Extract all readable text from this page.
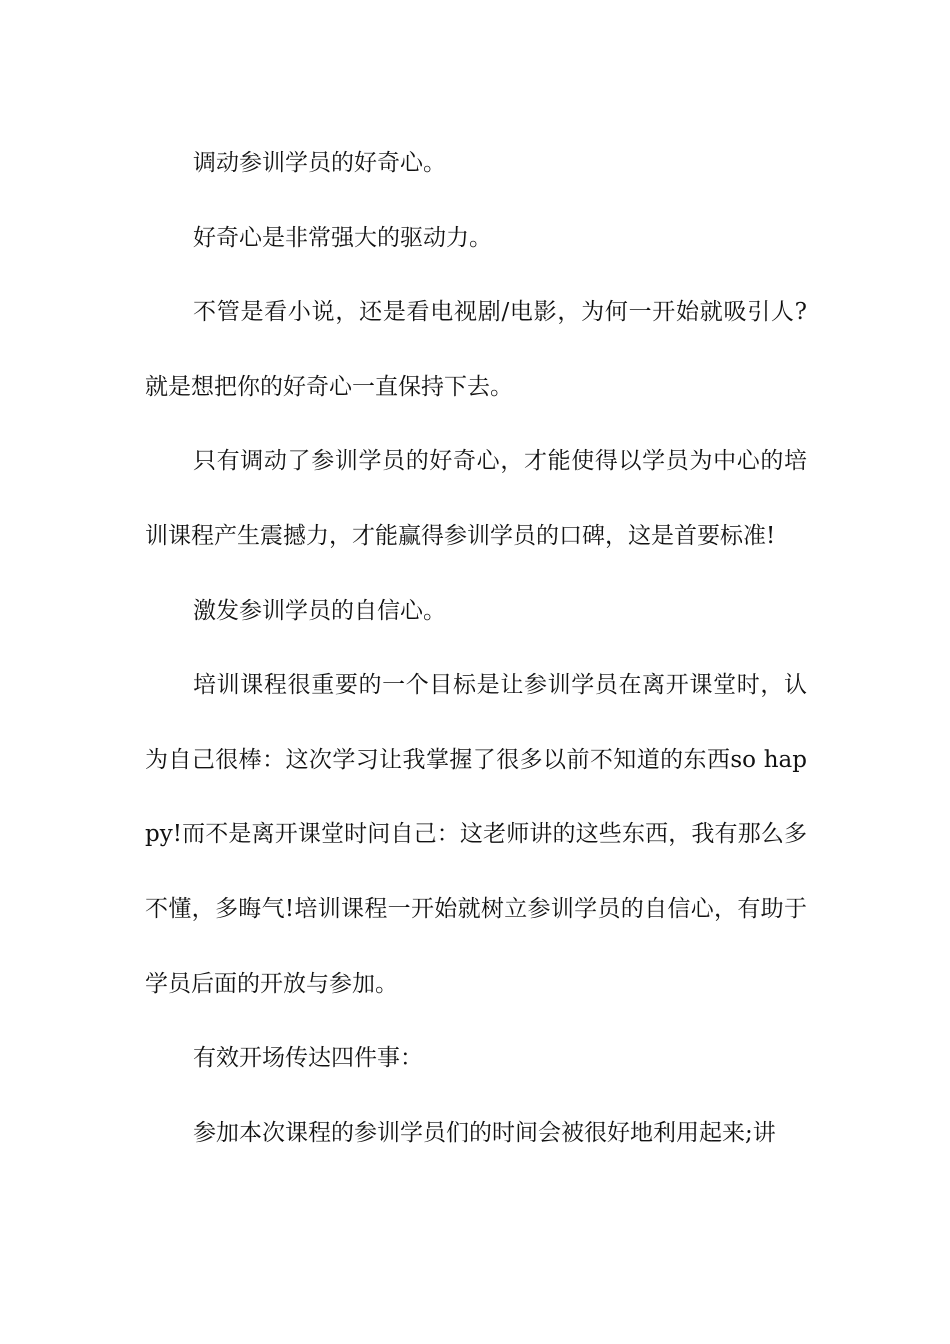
调动参训学员的好奇心。

好奇心是非常强大的驱动力。

不管是看小说，还是看电视剧/电影，为何一开始就吸引人?就是想把你的好奇心一直保持下去。

只有调动了参训学员的好奇心，才能使得以学员为中心的培训课程产生震撼力，才能赢得参训学员的口碑，这是首要标准!

激发参训学员的自信心。

培训课程很重要的一个目标是让参训学员在离开课堂时，认为自己很棒：这次学习让我掌握了很多以前不知道的东西so happy!而不是离开课堂时问自己：这老师讲的这些东西，我有那么多不懂，多晦气!培训课程一开始就树立参训学员的自信心，有助于学员后面的开放与参加。

有效开场传达四件事：

参加本次课程的参训学员们的时间会被很好地利用起来;讲
